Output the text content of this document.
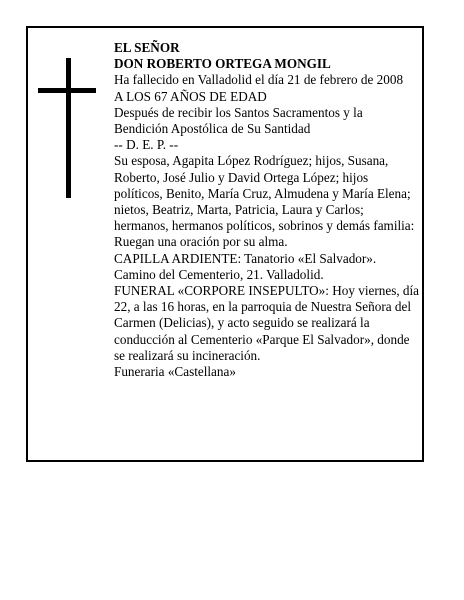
EL SEÑOR

DON ROBERTO ORTEGA MONGIL

Ha fallecido en Valladolid el día 21 de febrero de 2008

A LOS 67 AÑOS DE EDAD

Después de recibir los Santos Sacramentos y la Bendición Apostólica de Su Santidad

-- D. E. P. --

Su esposa, Agapita López Rodríguez; hijos, Susana, Roberto, José Julio y David Ortega López; hijos políticos, Benito, María Cruz, Almudena y María Elena; nietos, Beatriz, Marta, Patricia, Laura y Carlos; hermanos, hermanos políticos, sobrinos y demás familia:

Ruegan una oración por su alma.

CAPILLA ARDIENTE: Tanatorio «El Salvador». Camino del Cementerio, 21. Valladolid.

FUNERAL «CORPORE INSEPULTO»: Hoy viernes, día 22, a las 16 horas, en la parroquia de Nuestra Señora del Carmen (Delicias), y acto seguido se realizará la conducción al Cementerio «Parque El Salvador», donde se realizará su incineración.

Funeraria «Castellana»
